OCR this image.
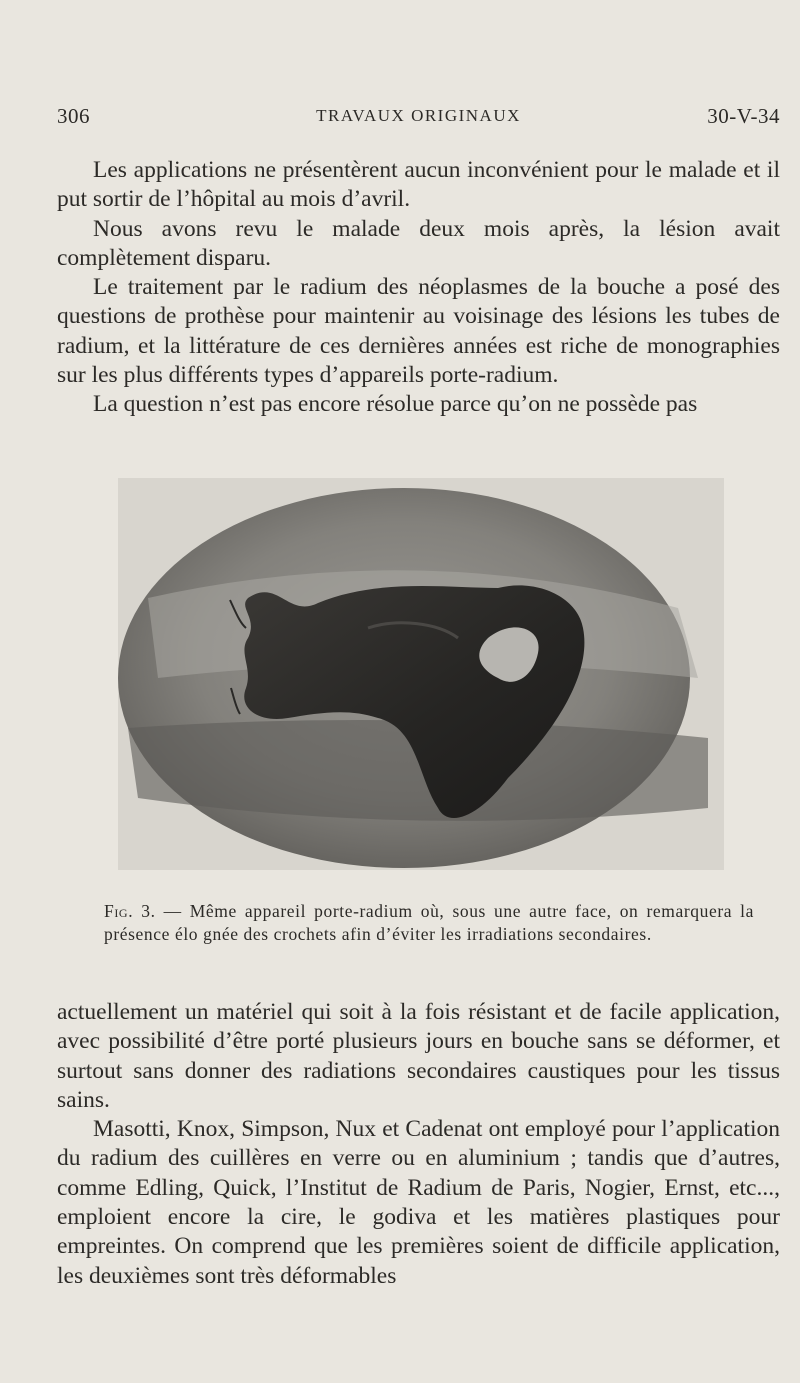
306	TRAVAUX ORIGINAUX	30-V-34

Les applications ne présentèrent aucun inconvénient pour le malade et il put sortir de l’hôpital au mois d’avril.

Nous avons revu le malade deux mois après, la lésion avait complètement disparu.

Le traitement par le radium des néoplasmes de la bouche a posé des questions de prothèse pour maintenir au voisinage des lésions les tubes de radium, et la littérature de ces dernières années est riche de monographies sur les plus différents types d’appareils porte-radium.

La question n’est pas encore résolue parce qu’on ne possède pas

Fig. 3. — Même appareil porte-radium où, sous une autre face, on remarquera la présence élo gnée des crochets afin d’éviter les irradiations secondaires.

actuellement un matériel qui soit à la fois résistant et de facile application, avec possibilité d’être porté plusieurs jours en bouche sans se déformer, et surtout sans donner des radiations secondaires caustiques pour les tissus sains.

Masotti, Knox, Simpson, Nux et Cadenat ont employé pour l’application du radium des cuillères en verre ou en aluminium ; tandis que d’autres, comme Edling, Quick, l’Institut de Radium de Paris, Nogier, Ernst, etc..., emploient encore la cire, le godiva et les matières plastiques pour empreintes. On comprend que les premières soient de difficile application, les deuxièmes sont très déformables
